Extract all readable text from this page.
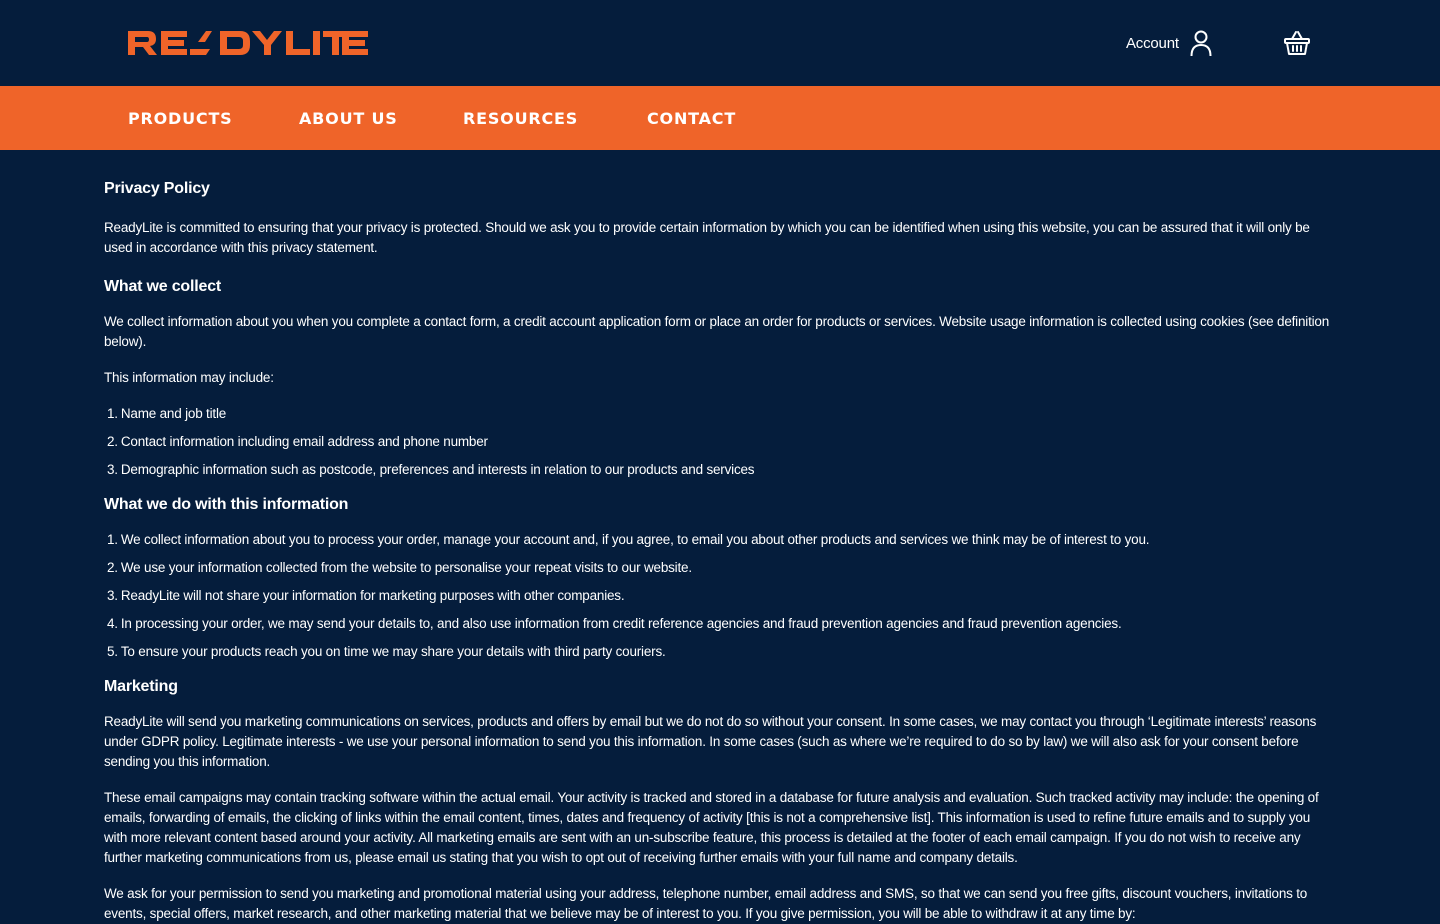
Account
PRODUCTS	ABOUT US	RESOURCES	CONTACT
Privacy Policy

ReadyLite is committed to ensuring that your privacy is protected. Should we ask you to provide certain information by which you can be identified when using this website, you can be assured that it will only be used in accordance with this privacy statement.

What we collect

We collect information about you when you complete a contact form, a credit account application form or place an order for products or services. Website usage information is collected using cookies (see definition below).

This information may include:

1. Name and job title
2. Contact information including email address and phone number
3. Demographic information such as postcode, preferences and interests in relation to our products and services
What we do with this information
1. We collect information about you to process your order, manage your account and, if you agree, to email you about other products and services we think may be of interest to you.
2. We use your information collected from the website to personalise your repeat visits to our website.
3. ReadyLite will not share your information for marketing purposes with other companies.
4. In processing your order, we may send your details to, and also use information from credit reference agencies and fraud prevention agencies and fraud prevention agencies.
5. To ensure your products reach you on time we may share your details with third party couriers.
Marketing

ReadyLite will send you marketing communications on services, products and offers by email but we do not do so without your consent. In some cases, we may contact you through ‘Legitimate interests’ reasons under GDPR policy. Legitimate interests - we use your personal information to send you this information. In some cases (such as where we’re required to do so by law) we will also ask for your consent before sending you this information.

These email campaigns may contain tracking software within the actual email. Your activity is tracked and stored in a database for future analysis and evaluation. Such tracked activity may include: the opening of emails, forwarding of emails, the clicking of links within the email content, times, dates and frequency of activity [this is not a comprehensive list]. This information is used to refine future emails and to supply you with more relevant content based around your activity. All marketing emails are sent with an un-subscribe feature, this process is detailed at the footer of each email campaign. If you do not wish to receive any further marketing communications from us, please email us stating that you wish to opt out of receiving further emails with your full name and company details.

We ask for your permission to send you marketing and promotional material using your address, telephone number, email address and SMS, so that we can send you free gifts, discount vouchers, invitations to events, special offers, market research, and other marketing material that we believe may be of interest to you. If you give permission, you will be able to withdraw it at any time by:
